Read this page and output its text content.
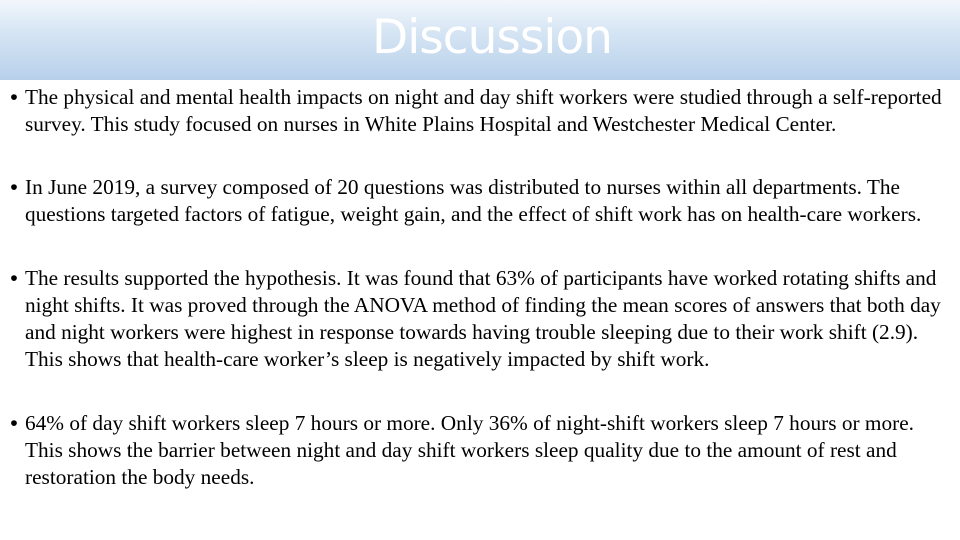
Discussion
• The physical and mental health impacts on night and day shift workers were studied through a self-reported survey. This study focused on nurses in White Plains Hospital and Westchester Medical Center.
• In June 2019, a survey composed of 20 questions was distributed to nurses within all departments. The questions targeted factors of fatigue, weight gain, and the effect of shift work has on health-care workers.
• The results supported the hypothesis. It was found that 63% of participants have worked rotating shifts and night shifts. It was proved through the ANOVA method of finding the mean scores of answers that both day and night workers were highest in response towards having trouble sleeping due to their work shift (2.9). This shows that health-care worker’s sleep is negatively impacted by shift work.
• 64% of day shift workers sleep 7 hours or more. Only 36% of night-shift workers sleep 7 hours or more. This shows the barrier between night and day shift workers sleep quality due to the amount of rest and restoration the body needs.
